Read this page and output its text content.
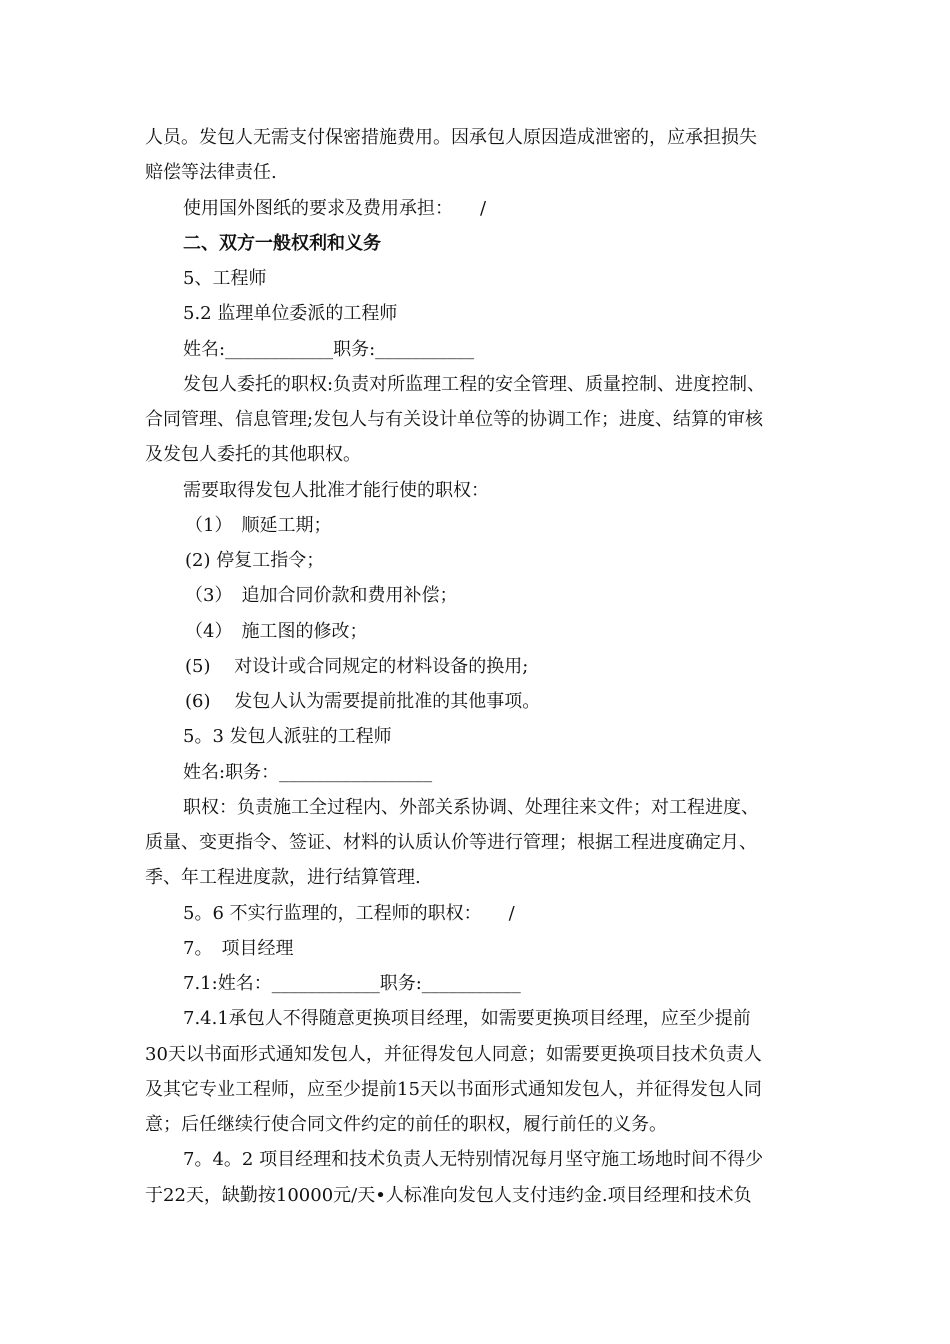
人员。发包人无需支付保密措施费用。因承包人原因造成泄密的，应承担损失
赔偿等法律责任.
使用国外图纸的要求及费用承担：　　/
二、双方一般权利和义务
5、工程师
5.2 监理单位委派的工程师
姓名:____________职务:___________
发包人委托的职权:负责对所监理工程的安全管理、质量控制、进度控制、
合同管理、信息管理;发包人与有关设计单位等的协调工作；进度、结算的审核
及发包人委托的其他职权。
需要取得发包人批准才能行使的职权：
（1）　顺延工期；
(2) 停复工指令；
（3）　追加合同价款和费用补偿；
（4）　施工图的修改；
(5)　 对设计或合同规定的材料设备的换用;
(6)　 发包人认为需要提前批准的其他事项。
5。3 发包人派驻的工程师
姓名:职务：_________________
职权：负责施工全过程内、外部关系协调、处理往来文件；对工程进度、
质量、变更指令、签证、材料的认质认价等进行管理；根据工程进度确定月、
季、年工程进度款，进行结算管理.
5。6 不实行监理的，工程师的职权：　　/
7。　项目经理
7.1:姓名：____________职务:___________
7.4.1承包人不得随意更换项目经理，如需要更换项目经理，应至少提前
30天以书面形式通知发包人，并征得发包人同意；如需要更换项目技术负责人
及其它专业工程师，应至少提前15天以书面形式通知发包人，并征得发包人同
意；后任继续行使合同文件约定的前任的职权，履行前任的义务。
7。4。2 项目经理和技术负责人无特别情况每月坚守施工场地时间不得少
于22天，缺勤按10000元/天•人标准向发包人支付违约金.项目经理和技术负
